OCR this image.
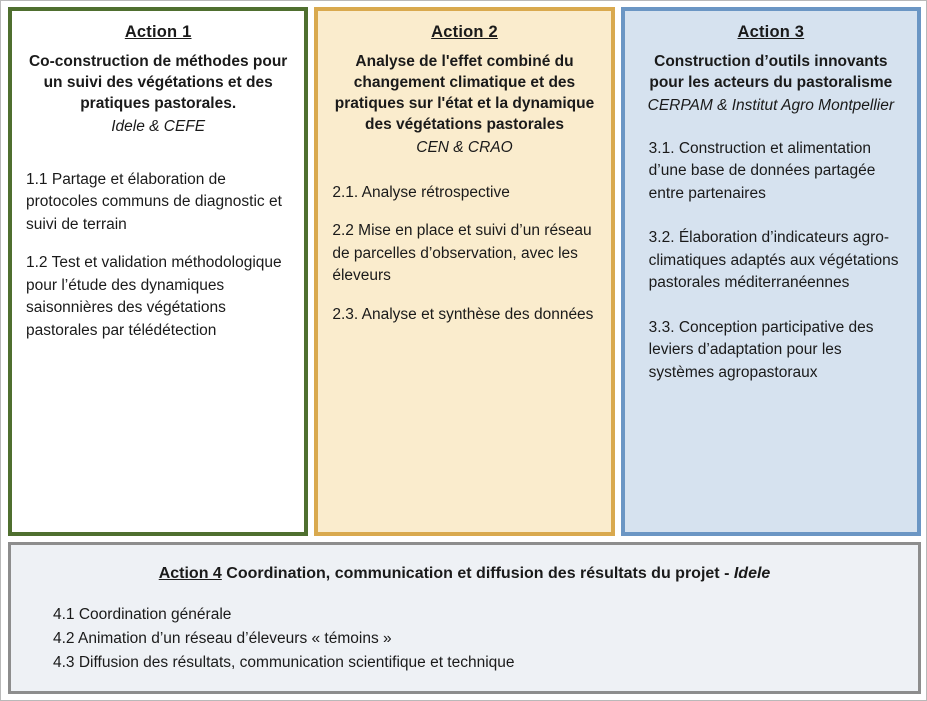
Action 1
Co-construction de méthodes pour un suivi des végétations et des pratiques pastorales.
Idele & CEFE
1.1 Partage et élaboration de protocoles communs de diagnostic et suivi de terrain
1.2 Test et validation méthodologique pour l’étude des dynamiques saisonnières des végétations pastorales par télédétection
Action 2
Analyse de l'effet combiné du changement climatique et des pratiques sur l'état et la dynamique des végétations pastorales
CEN & CRAO
2.1. Analyse rétrospective
2.2 Mise en place et suivi d’un réseau de parcelles d’observation, avec les éleveurs
2.3. Analyse et synthèse des données
Action 3
Construction d’outils innovants pour les acteurs du pastoralisme
CERPAM & Institut Agro Montpellier
3.1. Construction et alimentation d’une base de données partagée entre partenaires
3.2. Élaboration d’indicateurs agro-climatiques adaptés aux végétations pastorales méditerranéennes
3.3. Conception participative des leviers d’adaptation pour les systèmes agropastoraux
Action 4 Coordination, communication et diffusion des résultats du projet - Idele
4.1 Coordination générale
4.2 Animation d’un réseau d’éleveurs « témoins »
4.3 Diffusion des résultats, communication scientifique et technique
